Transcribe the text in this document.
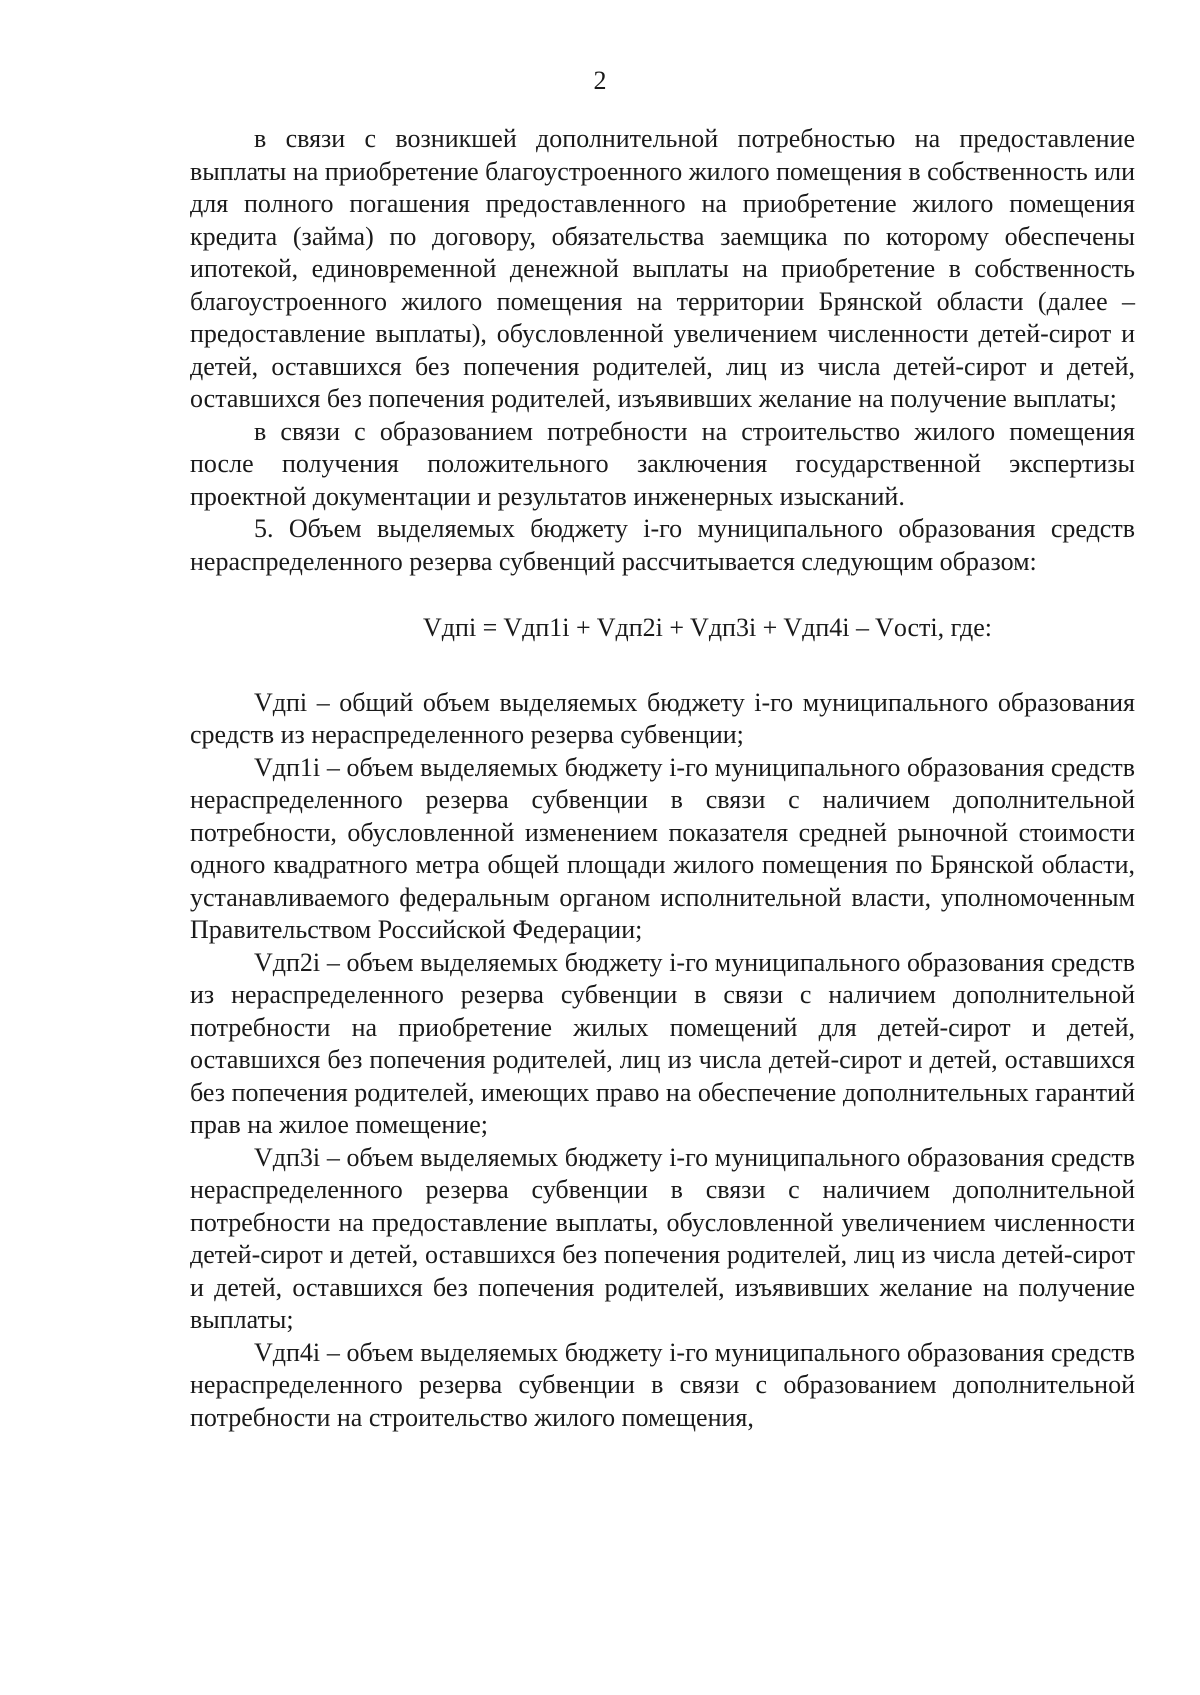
2

в связи с возникшей дополнительной потребностью на предоставление выплаты на приобретение благоустроенного жилого помещения в собственность или для полного погашения предоставленного на приобретение жилого помещения кредита (займа) по договору, обязательства заемщика по которому обеспечены ипотекой, единовременной денежной выплаты на приобретение в собственность благоустроенного жилого помещения на территории Брянской области (далее – предоставление выплаты), обусловленной увеличением численности детей-сирот и детей, оставшихся без попечения родителей, лиц из числа детей-сирот и детей, оставшихся без попечения родителей, изъявивших желание на получение выплаты;

в связи с образованием потребности на строительство жилого помещения после получения положительного заключения государственной экспертизы проектной документации и результатов инженерных изысканий.

5. Объем выделяемых бюджету i-го муниципального образования средств нераспределенного резерва субвенций рассчитывается следующим образом:

Vдпi = Vдп1i + Vдп2i + Vдп3i + Vдп4i – Vостi, где:

Vдпi – общий объем выделяемых бюджету i-го муниципального образования средств из нераспределенного резерва субвенции;

Vдп1i – объем выделяемых бюджету i-го муниципального образования средств нераспределенного резерва субвенции в связи с наличием дополнительной потребности, обусловленной изменением показателя средней рыночной стоимости одного квадратного метра общей площади жилого помещения по Брянской области, устанавливаемого федеральным органом исполнительной власти, уполномоченным Правительством Российской Федерации;

Vдп2i – объем выделяемых бюджету i-го муниципального образования средств из нераспределенного резерва субвенции в связи с наличием дополнительной потребности на приобретение жилых помещений для детей-сирот и детей, оставшихся без попечения родителей, лиц из числа детей-сирот и детей, оставшихся без попечения родителей, имеющих право на обеспечение дополнительных гарантий прав на жилое помещение;

Vдп3i – объем выделяемых бюджету i-го муниципального образования средств нераспределенного резерва субвенции в связи с наличием дополнительной потребности на предоставление выплаты, обусловленной увеличением численности детей-сирот и детей, оставшихся без попечения родителей, лиц из числа детей-сирот и детей, оставшихся без попечения родителей, изъявивших желание на получение выплаты;

Vдп4i – объем выделяемых бюджету i-го муниципального образования средств нераспределенного резерва субвенции в связи с образованием дополнительной потребности на строительство жилого помещения,
